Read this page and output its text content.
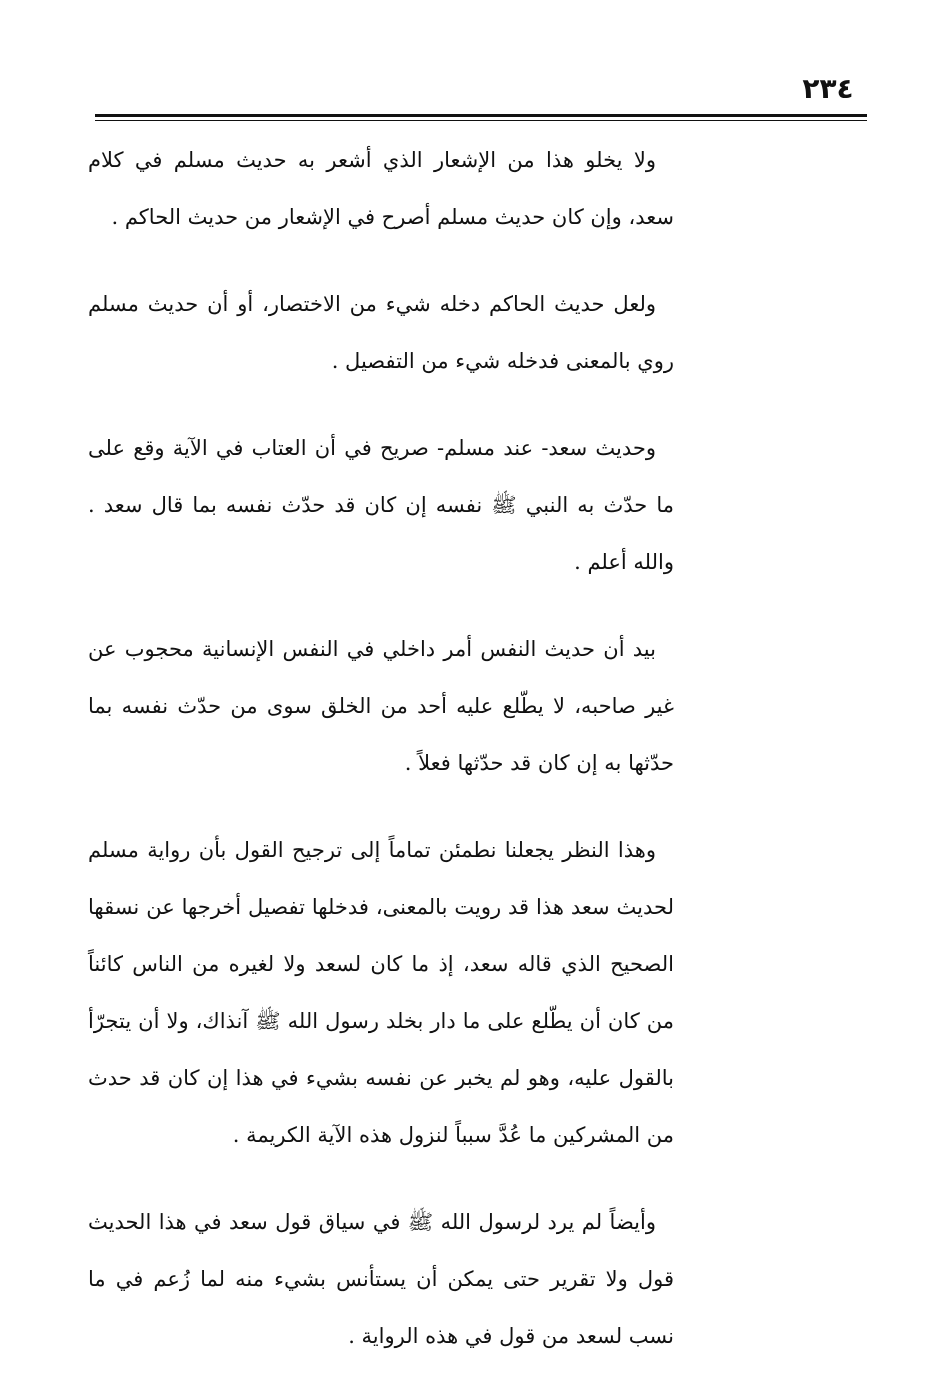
٢٣٤

ولا يخلو هذا من الإشعار الذي أشعر به حديث مسلم في كلام سعد، وإن كان حديث مسلم أصرح في الإشعار من حديث الحاكم .

ولعل حديث الحاكم دخله شيء من الاختصار، أو أن حديث مسلم روي بالمعنى فدخله شيء من التفصيل .

وحديث سعد- عند مسلم- صريح في أن العتاب في الآية وقع على ما حدّث به النبي ﷺ نفسه إن كان قد حدّث نفسه بما قال سعد . والله أعلم .

بيد أن حديث النفس أمر داخلي في النفس الإنسانية محجوب عن غير صاحبه، لا يطّلع عليه أحد من الخلق سوى من حدّث نفسه بما حدّثها به إن كان قد حدّثها فعلاً .

وهذا النظر يجعلنا نطمئن تماماً إلى ترجيح القول بأن رواية مسلم لحديث سعد هذا قد رويت بالمعنى، فدخلها تفصيل أخرجها عن نسقها الصحيح الذي قاله سعد، إذ ما كان لسعد ولا لغيره من الناس كائناً من كان أن يطّلع على ما دار بخلد رسول الله ﷺ آنذاك، ولا أن يتجرّأ بالقول عليه، وهو لم يخبر عن نفسه بشيء في هذا إن كان قد حدث من المشركين ما عُدَّ سبباً لنزول هذه الآية الكريمة .

وأيضاً لم يرد لرسول الله ﷺ في سياق قول سعد في هذا الحديث قول ولا تقرير حتى يمكن أن يستأنس بشيء منه لما زُعم في ما نسب لسعد من قول في هذه الرواية .
